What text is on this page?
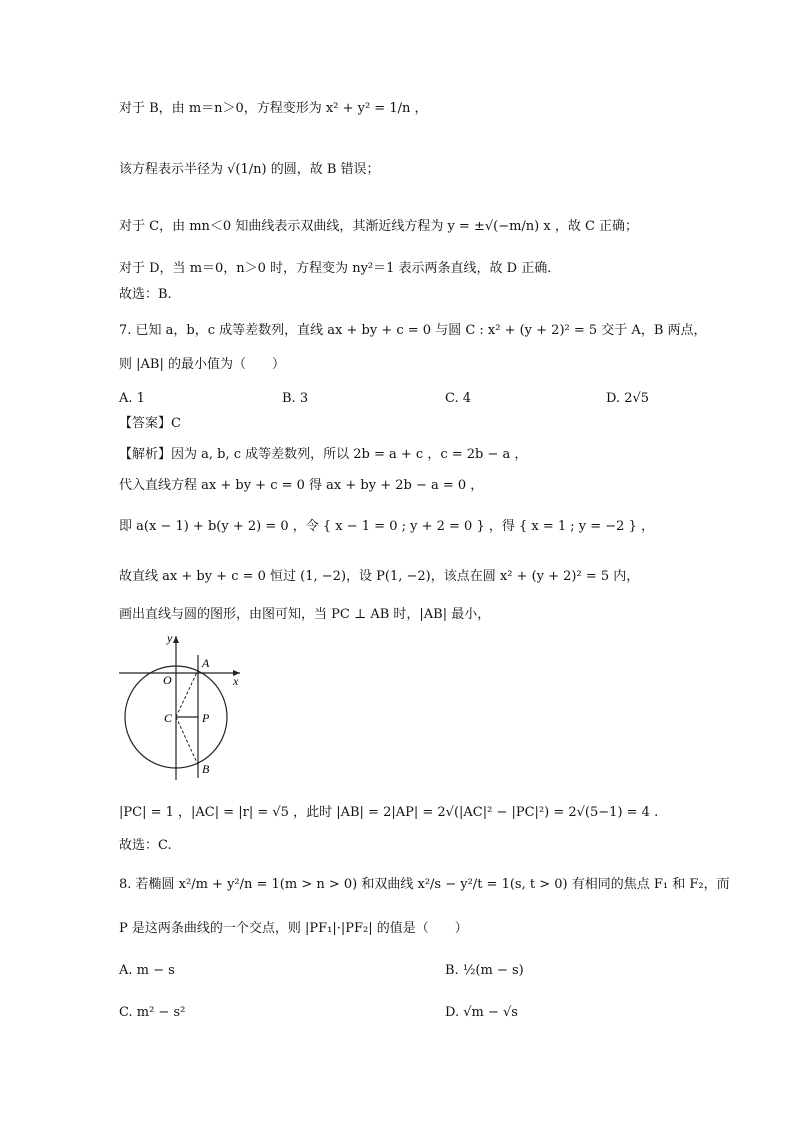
对于 B，由 m＝n＞0，方程变形为 x² + y² = 1/n ，
该方程表示半径为 √(1/n) 的圆，故 B 错误；
对于 C，由 mn＜0 知曲线表示双曲线，其渐近线方程为 y = ±√(−m/n) x ，故 C 正确；
对于 D，当 m＝0，n＞0 时，方程变为 ny²＝1 表示两条直线，故 D 正确．
故选：B.
7. 已知 a，b，c 成等差数列，直线 ax + by + c = 0 与圆 C : x² + (y + 2)² = 5 交于 A，B 两点，
则 |AB| 的最小值为（　　）
A. 1	B. 3	C. 4	D. 2√5
【答案】C
【解析】因为 a, b, c 成等差数列，所以 2b = a + c ，c = 2b − a ，
代入直线方程 ax + by + c = 0 得 ax + by + 2b − a = 0 ，
即 a(x − 1) + b(y + 2) = 0 ，令 { x − 1 = 0 ; y + 2 = 0 } ，得 { x = 1 ; y = −2 } ，
故直线 ax + by + c = 0 恒过 (1, −2)，设 P(1, −2)，该点在圆 x² + (y + 2)² = 5 内，
画出直线与圆的图形，由图可知，当 PC ⊥ AB 时，|AB| 最小，
y
x
O
A
B
C P
|PC| = 1 ，|AC| = |r| = √5 ，此时 |AB| = 2|AP| = 2√(|AC|² − |PC|²) = 2√(5−1) = 4 .
故选：C.
8. 若椭圆 x²/m + y²/n = 1(m > n > 0) 和双曲线 x²/s − y²/t = 1(s, t > 0) 有相同的焦点 F₁ 和 F₂，而
P 是这两条曲线的一个交点，则 |PF₁|·|PF₂| 的值是（　　）
A. m − s	B. ½(m − s)
C. m² − s²	D. √m − √s
